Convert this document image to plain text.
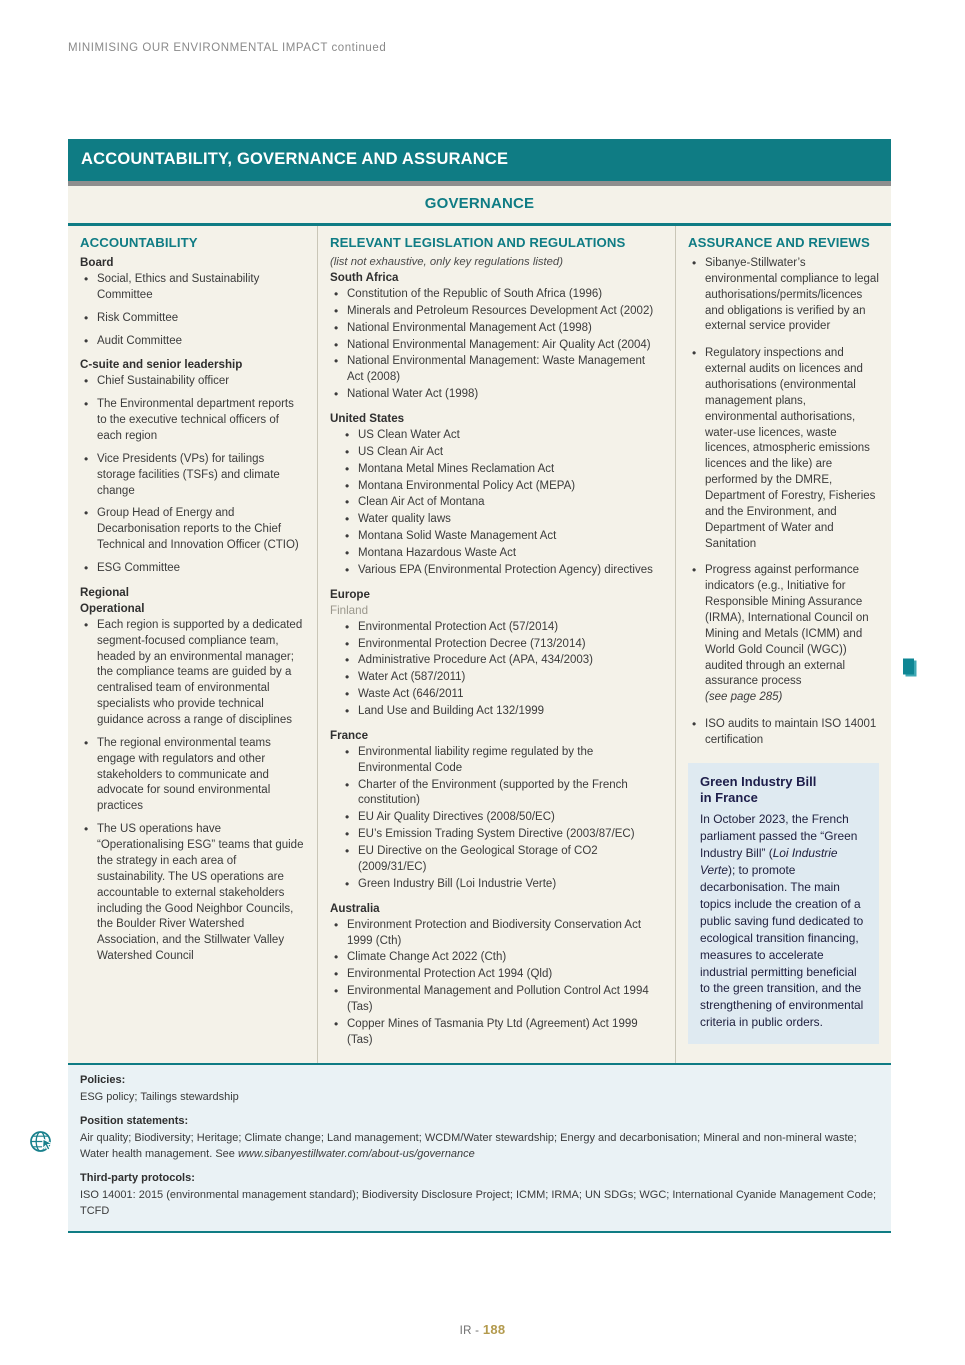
MINIMISING OUR ENVIRONMENTAL IMPACT continued
ACCOUNTABILITY, GOVERNANCE AND ASSURANCE
GOVERNANCE
ACCOUNTABILITY
Board
• Social, Ethics and Sustainability Committee
• Risk Committee
• Audit Committee
C-suite and senior leadership
• Chief Sustainability officer
• The Environmental department reports to the executive technical officers of each region
• Vice Presidents (VPs) for tailings storage facilities (TSFs) and climate change
• Group Head of Energy and Decarbonisation reports to the Chief Technical and Innovation Officer (CTIO)
• ESG Committee
Regional
Operational
• Each region is supported by a dedicated segment-focused compliance team, headed by an environmental manager; the compliance teams are guided by a centralised team of environmental specialists who provide technical guidance across a range of disciplines
• The regional environmental teams engage with regulators and other stakeholders to communicate and advocate for sound environmental practices
• The US operations have “Operationalising ESG” teams that guide the strategy in each area of sustainability. The US operations are accountable to external stakeholders including the Good Neighbor Councils, the Boulder River Watershed Association, and the Stillwater Valley Watershed Council
RELEVANT LEGISLATION AND REGULATIONS
(list not exhaustive, only key regulations listed)
South Africa
• Constitution of the Republic of South Africa (1996)
• Minerals and Petroleum Resources Development Act (2002)
• National Environmental Management Act (1998)
• National Environmental Management: Air Quality Act (2004)
• National Environmental Management: Waste Management Act (2008)
• National Water Act (1998)
United States
• US Clean Water Act
• US Clean Air Act
• Montana Metal Mines Reclamation Act
• Montana Environmental Policy Act (MEPA)
• Clean Air Act of Montana
• Water quality laws
• Montana Solid Waste Management Act
• Montana Hazardous Waste Act
• Various EPA (Environmental Protection Agency) directives
Europe
Finland
• Environmental Protection Act (57/2014)
• Environmental Protection Decree (713/2014)
• Administrative Procedure Act (APA, 434/2003)
• Water Act (587/2011)
• Waste Act (646/2011
• Land Use and Building Act 132/1999
France
• Environmental liability regime regulated by the Environmental Code
• Charter of the Environment (supported by the French constitution)
• EU Air Quality Directives (2008/50/EC)
• EU’s Emission Trading System Directive (2003/87/EC)
• EU Directive on the Geological Storage of CO2 (2009/31/EC)
• Green Industry Bill (Loi Industrie Verte)
Australia
• Environment Protection and Biodiversity Conservation Act 1999 (Cth)
• Climate Change Act 2022 (Cth)
• Environmental Protection Act 1994 (Qld)
• Environmental Management and Pollution Control Act 1994 (Tas)
• Copper Mines of Tasmania Pty Ltd (Agreement) Act 1999 (Tas)
ASSURANCE AND REVIEWS
• Sibanye-Stillwater’s environmental compliance to legal authorisations/permits/licences and obligations is verified by an external service provider
• Regulatory inspections and external audits on licences and authorisations (environmental management plans, environmental authorisations, water-use licences, waste licences, atmospheric emissions licences and the like) are performed by the DMRE, Department of Forestry, Fisheries and the Environment, and Department of Water and Sanitation
• Progress against performance indicators (e.g., Initiative for Responsible Mining Assurance (IRMA), International Council on Mining and Metals (ICMM) and World Gold Council (WGC)) audited through an external assurance process
(see page 285)
• ISO audits to maintain ISO 14001 certification
Green Industry Bill
in France
In October 2023, the French parliament passed the “Green Industry Bill” (Loi Industrie Verte); to promote decarbonisation. The main topics include the creation of a public saving fund dedicated to ecological transition financing, measures to accelerate industrial permitting beneficial to the green transition, and the strengthening of environmental criteria in public orders.
Policies:
ESG policy; Tailings stewardship
Position statements:
Air quality; Biodiversity; Heritage; Climate change; Land management; WCDM/Water stewardship; Energy and decarbonisation; Mineral and non-mineral waste; Water health management. See www.sibanyestillwater.com/about-us/governance
Third-party protocols:
ISO 14001: 2015 (environmental management standard); Biodiversity Disclosure Project; ICMM; IRMA; UN SDGs; WGC; International Cyanide Management Code; TCFD
IR - 188
